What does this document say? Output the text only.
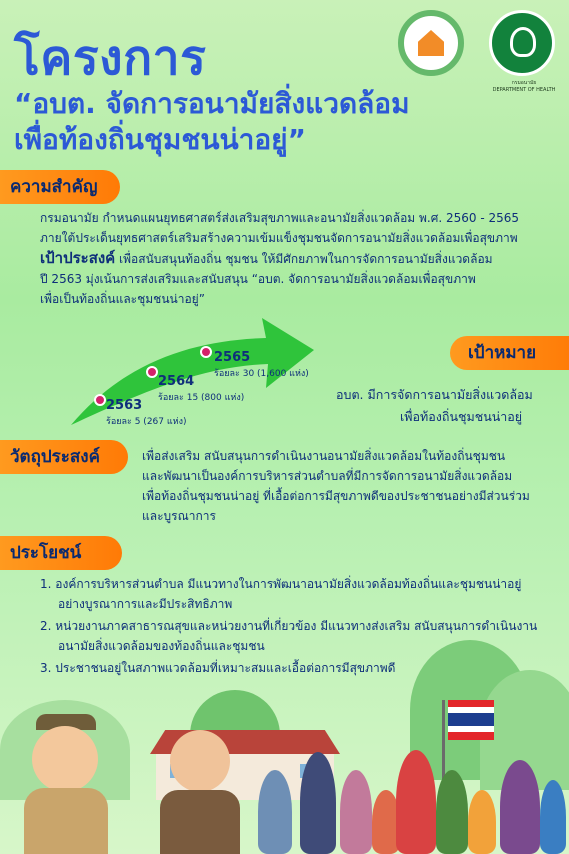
โครงการ
“อบต. จัดการอนามัยสิ่งแวดล้อม
เพื่อท้องถิ่นชุมชนน่าอยู่”
กรมอนามัย
DEPARTMENT OF HEALTH
ความสำคัญ
กรมอนามัย กำหนดแผนยุทธศาสตร์ส่งเสริมสุขภาพและอนามัยสิ่งแวดล้อม พ.ศ. 2560 - 2565
ภายใต้ประเด็นยุทธศาสตร์เสริมสร้างความเข้มแข็งชุมชนจัดการอนามัยสิ่งแวดล้อมเพื่อสุขภาพ
เป้าประสงค์ เพื่อสนับสนุนท้องถิ่น ชุมชน ให้มีศักยภาพในการจัดการอนามัยสิ่งแวดล้อม
ปี 2563 มุ่งเน้นการส่งเสริมและสนับสนุน “อบต. จัดการอนามัยสิ่งแวดล้อมเพื่อสุขภาพ
เพื่อเป็นท้องถิ่นและชุมชนน่าอยู่”
2563
ร้อยละ 5 (267 แห่ง)
2564
ร้อยละ 15 (800 แห่ง)
2565
ร้อยละ 30 (1,600 แห่ง)
เป้าหมาย
อบต. มีการจัดการอนามัยสิ่งแวดล้อม
เพื่อท้องถิ่นชุมชนน่าอยู่
วัตถุประสงค์	เพื่อส่งเสริม สนับสนุนการดำเนินงานอนามัยสิ่งแวดล้อมในท้องถิ่นชุมชน
และพัฒนาเป็นองค์การบริหารส่วนตำบลที่มีการจัดการอนามัยสิ่งแวดล้อม
เพื่อท้องถิ่นชุมชนน่าอยู่ ที่เอื้อต่อการมีสุขภาพดีของประชาชนอย่างมีส่วนร่วม
และบูรณาการ
ประโยชน์
1. องค์การบริหารส่วนตำบล มีแนวทางในการพัฒนาอนามัยสิ่งแวดล้อมท้องถิ่นและชุมชนน่าอยู่
อย่างบูรณาการและมีประสิทธิภาพ
2. หน่วยงานภาคสาธารณสุขและหน่วยงานที่เกี่ยวข้อง มีแนวทางส่งเสริม สนับสนุนการดำเนินงาน
อนามัยสิ่งแวดล้อมของท้องถิ่นและชุมชน
3. ประชาชนอยู่ในสภาพแวดล้อมที่เหมาะสมและเอื้อต่อการมีสุขภาพดี
